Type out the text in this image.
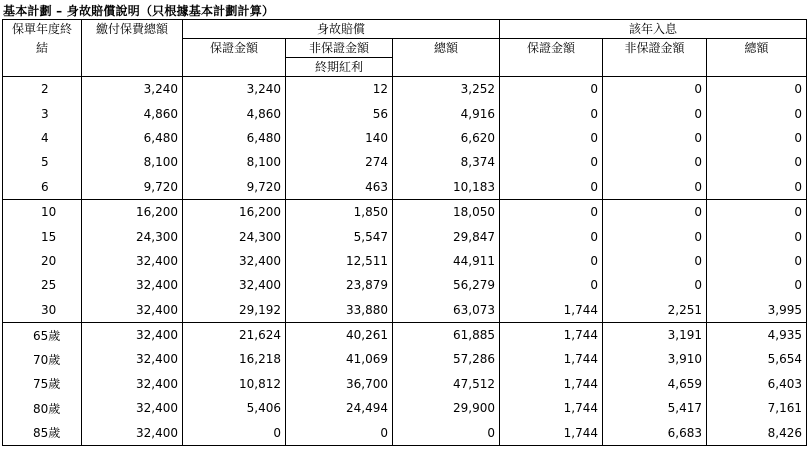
基本計劃 – 身故賠償說明（只根據基本計劃計算）
保單年度終	繳付保費總額	身故賠償			該年入息		
結		保證金額	非保證金額	總額	保證金額	非保證金額	總額
			終期紅利				
2	3,240	3,240	12	3,252	0	0	0
3	4,860	4,860	56	4,916	0	0	0
4	6,480	6,480	140	6,620	0	0	0
5	8,100	8,100	274	8,374	0	0	0
6	9,720	9,720	463	10,183	0	0	0
10	16,200	16,200	1,850	18,050	0	0	0
15	24,300	24,300	5,547	29,847	0	0	0
20	32,400	32,400	12,511	44,911	0	0	0
25	32,400	32,400	23,879	56,279	0	0	0
30	32,400	29,192	33,880	63,073	1,744	2,251	3,995
65歲	32,400	21,624	40,261	61,885	1,744	3,191	4,935
70歲	32,400	16,218	41,069	57,286	1,744	3,910	5,654
75歲	32,400	10,812	36,700	47,512	1,744	4,659	6,403
80歲	32,400	5,406	24,494	29,900	1,744	5,417	7,161
85歲	32,400	0	0	0	1,744	6,683	8,426
